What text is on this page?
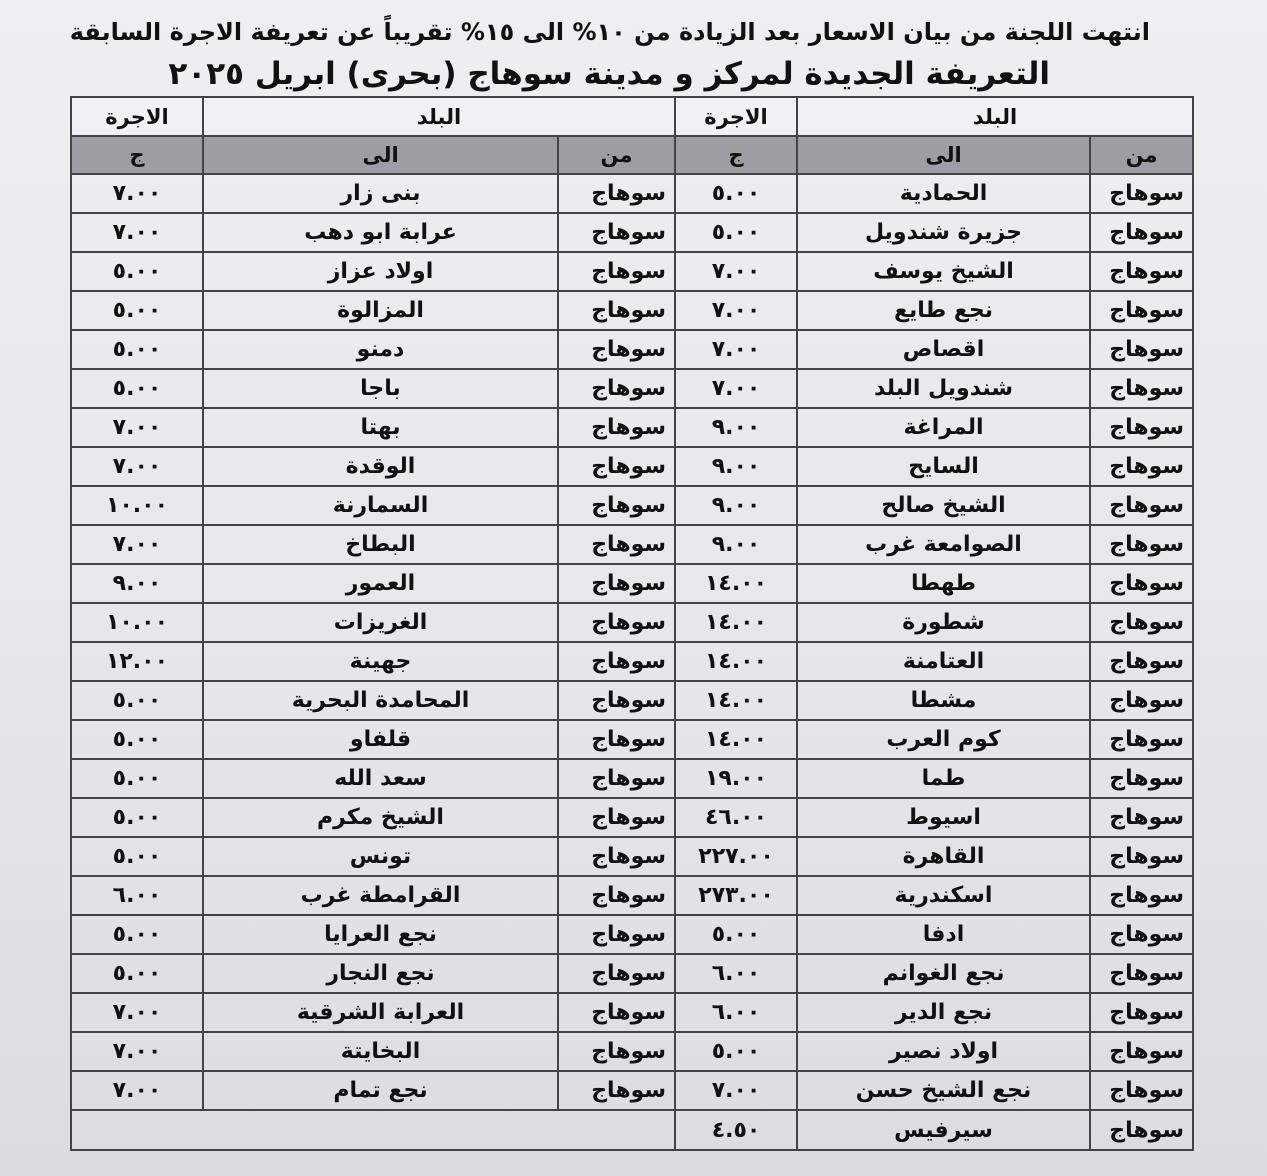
انتهت اللجنة من بيان الاسعار بعد الزيادة من ١٠% الى ١٥% تقريباً عن تعريفة الاجرة السابقة
التعريفة الجديدة لمركز و مدينة سوهاج (بحرى) ابريل ٢٠٢٥
الاجرة	البلد		الاجرة	البلد	
ج	الى	من	ج	الى	من
٧.٠٠	بنى زار	سوهاج	٥.٠٠	الحمادية	سوهاج
٧.٠٠	عرابة ابو دهب	سوهاج	٥.٠٠	جزيرة شندويل	سوهاج
٥.٠٠	اولاد عزاز	سوهاج	٧.٠٠	الشيخ يوسف	سوهاج
٥.٠٠	المزالوة	سوهاج	٧.٠٠	نجع طايع	سوهاج
٥.٠٠	دمنو	سوهاج	٧.٠٠	اقصاص	سوهاج
٥.٠٠	باجا	سوهاج	٧.٠٠	شندويل البلد	سوهاج
٧.٠٠	بهتا	سوهاج	٩.٠٠	المراغة	سوهاج
٧.٠٠	الوقدة	سوهاج	٩.٠٠	السايح	سوهاج
١٠.٠٠	السمارنة	سوهاج	٩.٠٠	الشيخ صالح	سوهاج
٧.٠٠	البطاخ	سوهاج	٩.٠٠	الصوامعة غرب	سوهاج
٩.٠٠	العمور	سوهاج	١٤.٠٠	طهطا	سوهاج
١٠.٠٠	الغريزات	سوهاج	١٤.٠٠	شطورة	سوهاج
١٢.٠٠	جهينة	سوهاج	١٤.٠٠	العتامنة	سوهاج
٥.٠٠	المحامدة البحرية	سوهاج	١٤.٠٠	مشطا	سوهاج
٥.٠٠	قلفاو	سوهاج	١٤.٠٠	كوم العرب	سوهاج
٥.٠٠	سعد الله	سوهاج	١٩.٠٠	طما	سوهاج
٥.٠٠	الشيخ مكرم	سوهاج	٤٦.٠٠	اسيوط	سوهاج
٥.٠٠	تونس	سوهاج	٢٢٧.٠٠	القاهرة	سوهاج
٦.٠٠	القرامطة غرب	سوهاج	٢٧٣.٠٠	اسكندرية	سوهاج
٥.٠٠	نجع العرايا	سوهاج	٥.٠٠	ادفا	سوهاج
٥.٠٠	نجع النجار	سوهاج	٦.٠٠	نجع الغوانم	سوهاج
٧.٠٠	العرابة الشرقية	سوهاج	٦.٠٠	نجع الدير	سوهاج
٧.٠٠	البخايتة	سوهاج	٥.٠٠	اولاد نصير	سوهاج
٧.٠٠	نجع تمام	سوهاج	٧.٠٠	نجع الشيخ حسن	سوهاج
			٤.٥٠	سيرفيس	سوهاج
